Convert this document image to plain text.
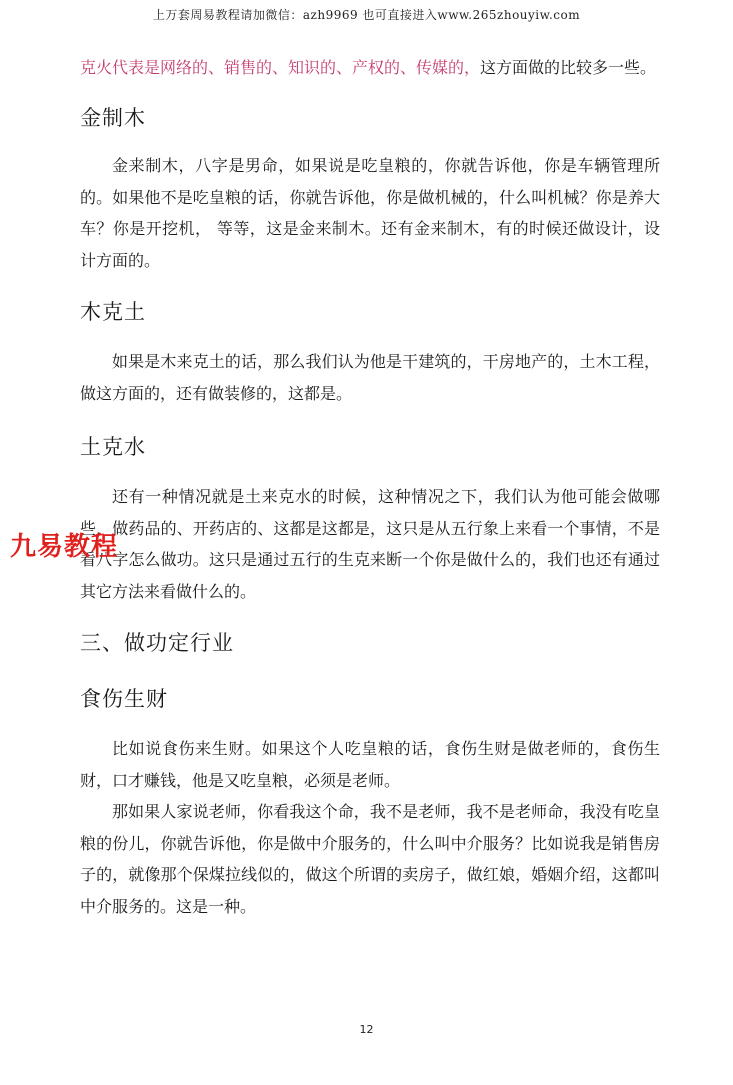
上万套周易教程请加微信：azh9969 也可直接进入www.265zhouyiw.com

克火代表是网络的、销售的、知识的、产权的、传媒的，这方面做的比较多一些。

金制木

金来制木，八字是男命，如果说是吃皇粮的，你就告诉他，你是车辆管理所的。如果他不是吃皇粮的话，你就告诉他，你是做机械的，什么叫机械？你是养大车？你是开挖机， 等等，这是金来制木。还有金来制木，有的时候还做设计，设计方面的。

木克土

如果是木来克土的话，那么我们认为他是干建筑的，干房地产的，土木工程，做这方面的，还有做装修的，这都是。

土克水

还有一种情况就是土来克水的时候，这种情况之下，我们认为他可能会做哪些，做药品的、开药店的、这都是这都是，这只是从五行象上来看一个事情，不是看八字怎么做功。这只是通过五行的生克来断一个你是做什么的，我们也还有通过其它方法来看做什么的。

三、做功定行业
食伤生财

比如说食伤来生财。如果这个人吃皇粮的话，食伤生财是做老师的，食伤生财，口才赚钱，他是又吃皇粮，必须是老师。

那如果人家说老师，你看我这个命，我不是老师，我不是老师命，我没有吃皇粮的份儿，你就告诉他，你是做中介服务的，什么叫中介服务？比如说我是销售房子的，就像那个保煤拉线似的，做这个所谓的卖房子，做红娘，婚姻介绍，这都叫中介服务的。这是一种。

九易教程
12
